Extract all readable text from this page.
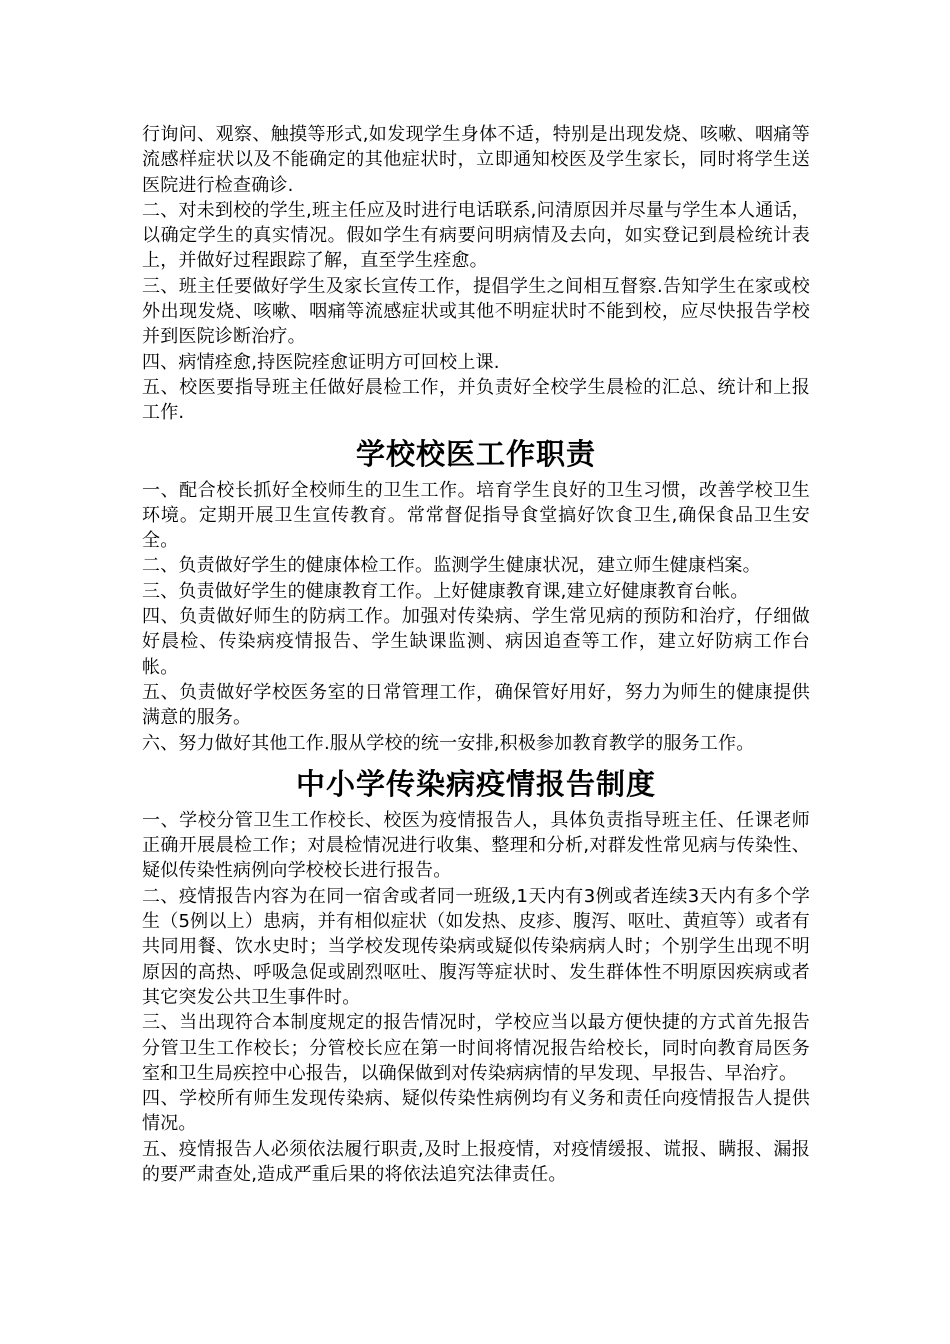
行询问、观察、触摸等形式,如发现学生身体不适，特别是出现发烧、咳嗽、咽痛等流感样症状以及不能确定的其他症状时，立即通知校医及学生家长，同时将学生送医院进行检查确诊.

二、对未到校的学生,班主任应及时进行电话联系,问清原因并尽量与学生本人通话，以确定学生的真实情况。假如学生有病要问明病情及去向，如实登记到晨检统计表上，并做好过程跟踪了解，直至学生痊愈。

三、班主任要做好学生及家长宣传工作，提倡学生之间相互督察.告知学生在家或校外出现发烧、咳嗽、咽痛等流感症状或其他不明症状时不能到校，应尽快报告学校并到医院诊断治疗。

四、病情痊愈,持医院痊愈证明方可回校上课.

五、校医要指导班主任做好晨检工作，并负责好全校学生晨检的汇总、统计和上报工作.

学校校医工作职责

一、配合校长抓好全校师生的卫生工作。培育学生良好的卫生习惯，改善学校卫生环境。定期开展卫生宣传教育。常常督促指导食堂搞好饮食卫生,确保食品卫生安全。

二、负责做好学生的健康体检工作。监测学生健康状况，建立师生健康档案。

三、负责做好学生的健康教育工作。上好健康教育课,建立好健康教育台帐。

四、负责做好师生的防病工作。加强对传染病、学生常见病的预防和治疗，仔细做好晨检、传染病疫情报告、学生缺课监测、病因追查等工作，建立好防病工作台帐。

五、负责做好学校医务室的日常管理工作，确保管好用好，努力为师生的健康提供满意的服务。

六、努力做好其他工作.服从学校的统一安排,积极参加教育教学的服务工作。

中小学传染病疫情报告制度

一、学校分管卫生工作校长、校医为疫情报告人，具体负责指导班主任、任课老师正确开展晨检工作；对晨检情况进行收集、整理和分析,对群发性常见病与传染性、疑似传染性病例向学校校长进行报告。

二、疫情报告内容为在同一宿舍或者同一班级,1天内有3例或者连续3天内有多个学生（5例以上）患病，并有相似症状（如发热、皮疹、腹泻、呕吐、黄疸等）或者有共同用餐、饮水史时；当学校发现传染病或疑似传染病病人时；个别学生出现不明原因的高热、呼吸急促或剧烈呕吐、腹泻等症状时、发生群体性不明原因疾病或者其它突发公共卫生事件时。

三、当出现符合本制度规定的报告情况时，学校应当以最方便快捷的方式首先报告分管卫生工作校长；分管校长应在第一时间将情况报告给校长，同时向教育局医务室和卫生局疾控中心报告，以确保做到对传染病病情的早发现、早报告、早治疗。

四、学校所有师生发现传染病、疑似传染性病例均有义务和责任向疫情报告人提供情况。

五、疫情报告人必须依法履行职责,及时上报疫情，对疫情缓报、谎报、瞒报、漏报的要严肃查处,造成严重后果的将依法追究法律责任。
